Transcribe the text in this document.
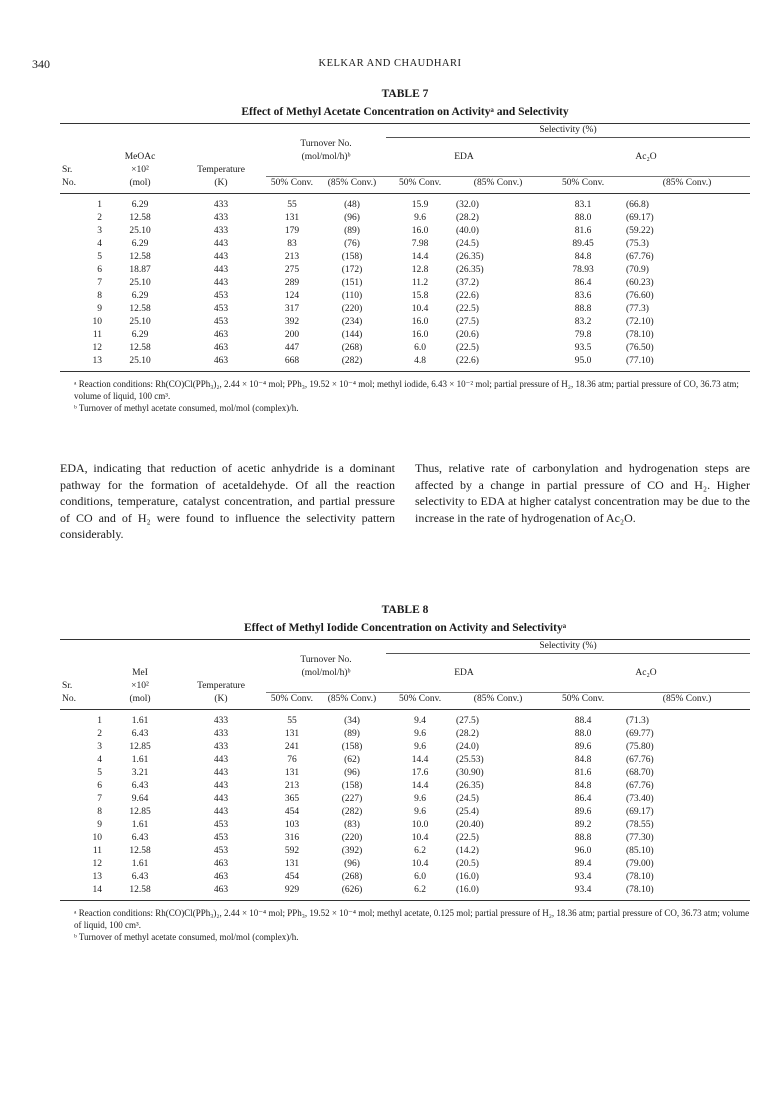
340	KELKAR AND CHAUDHARI
TABLE 7
Effect of Methyl Acetate Concentration on Activityᵃ and Selectivity
					Selectivity (%)			
			Turnover No.					
	MeOAc		(mol/mol/h)ᵇ		EDA		Ac₂O	
Sr.	×10²	Temperature						
No.	(mol)	(K)	50% Conv.	(85% Conv.)	50% Conv.	(85% Conv.)	50% Conv.	(85% Conv.)
1	6.29	433	55	(48)	15.9	(32.0)	83.1	(66.8)
2	12.58	433	131	(96)	9.6	(28.2)	88.0	(69.17)
3	25.10	433	179	(89)	16.0	(40.0)	81.6	(59.22)
4	6.29	443	83	(76)	7.98	(24.5)	89.45	(75.3)
5	12.58	443	213	(158)	14.4	(26.35)	84.8	(67.76)
6	18.87	443	275	(172)	12.8	(26.35)	78.93	(70.9)
7	25.10	443	289	(151)	11.2	(37.2)	86.4	(60.23)
8	6.29	453	124	(110)	15.8	(22.6)	83.6	(76.60)
9	12.58	453	317	(220)	10.4	(22.5)	88.8	(77.3)
10	25.10	453	392	(234)	16.0	(27.5)	83.2	(72.10)
11	6.29	463	200	(144)	16.0	(20.6)	79.8	(78.10)
12	12.58	463	447	(268)	6.0	(22.5)	93.5	(76.50)
13	25.10	463	668	(282)	4.8	(22.6)	95.0	(77.10)

ᵃ Reaction conditions: Rh(CO)Cl(PPh₃)₂, 2.44 × 10⁻⁴ mol; PPh₃, 19.52 × 10⁻⁴ mol; methyl iodide, 6.43 × 10⁻² mol; partial pressure of H₂, 18.36 atm; partial pressure of CO, 36.73 atm; volume of liquid, 100 cm³.

ᵇ Turnover of methyl acetate consumed, mol/mol (complex)/h.

EDA, indicating that reduction of acetic anhydride is a dominant pathway for the formation of acetaldehyde. Of all the reaction conditions, temperature, catalyst concentration, and partial pressure of CO and of H₂ were found to influence the selectivity pattern considerably.
Thus, relative rate of carbonylation and hydrogenation steps are affected by a change in partial pressure of CO and H₂. Higher selectivity to EDA at higher catalyst concentration may be due to the increase in the rate of hydrogenation of Ac₂O.
TABLE 8
Effect of Methyl Iodide Concentration on Activity and Selectivityᵃ
					Selectivity (%)			
			Turnover No.					
	MeI		(mol/mol/h)ᵇ		EDA		Ac₂O	
Sr.	×10²	Temperature						
No.	(mol)	(K)	50% Conv.	(85% Conv.)	50% Conv.	(85% Conv.)	50% Conv.	(85% Conv.)
1	1.61	433	55	(34)	9.4	(27.5)	88.4	(71.3)
2	6.43	433	131	(89)	9.6	(28.2)	88.0	(69.77)
3	12.85	433	241	(158)	9.6	(24.0)	89.6	(75.80)
4	1.61	443	76	(62)	14.4	(25.53)	84.8	(67.76)
5	3.21	443	131	(96)	17.6	(30.90)	81.6	(68.70)
6	6.43	443	213	(158)	14.4	(26.35)	84.8	(67.76)
7	9.64	443	365	(227)	9.6	(24.5)	86.4	(73.40)
8	12.85	443	454	(282)	9.6	(25.4)	89.6	(69.17)
9	1.61	453	103	(83)	10.0	(20.40)	89.2	(78.55)
10	6.43	453	316	(220)	10.4	(22.5)	88.8	(77.30)
11	12.58	453	592	(392)	6.2	(14.2)	96.0	(85.10)
12	1.61	463	131	(96)	10.4	(20.5)	89.4	(79.00)
13	6.43	463	454	(268)	6.0	(16.0)	93.4	(78.10)
14	12.58	463	929	(626)	6.2	(16.0)	93.4	(78.10)

ᵃ Reaction conditions: Rh(CO)Cl(PPh₃)₂, 2.44 × 10⁻⁴ mol; PPh₃, 19.52 × 10⁻⁴ mol; methyl acetate, 0.125 mol; partial pressure of H₂, 18.36 atm; partial pressure of CO, 36.73 atm; volume of liquid, 100 cm³.

ᵇ Turnover of methyl acetate consumed, mol/mol (complex)/h.
